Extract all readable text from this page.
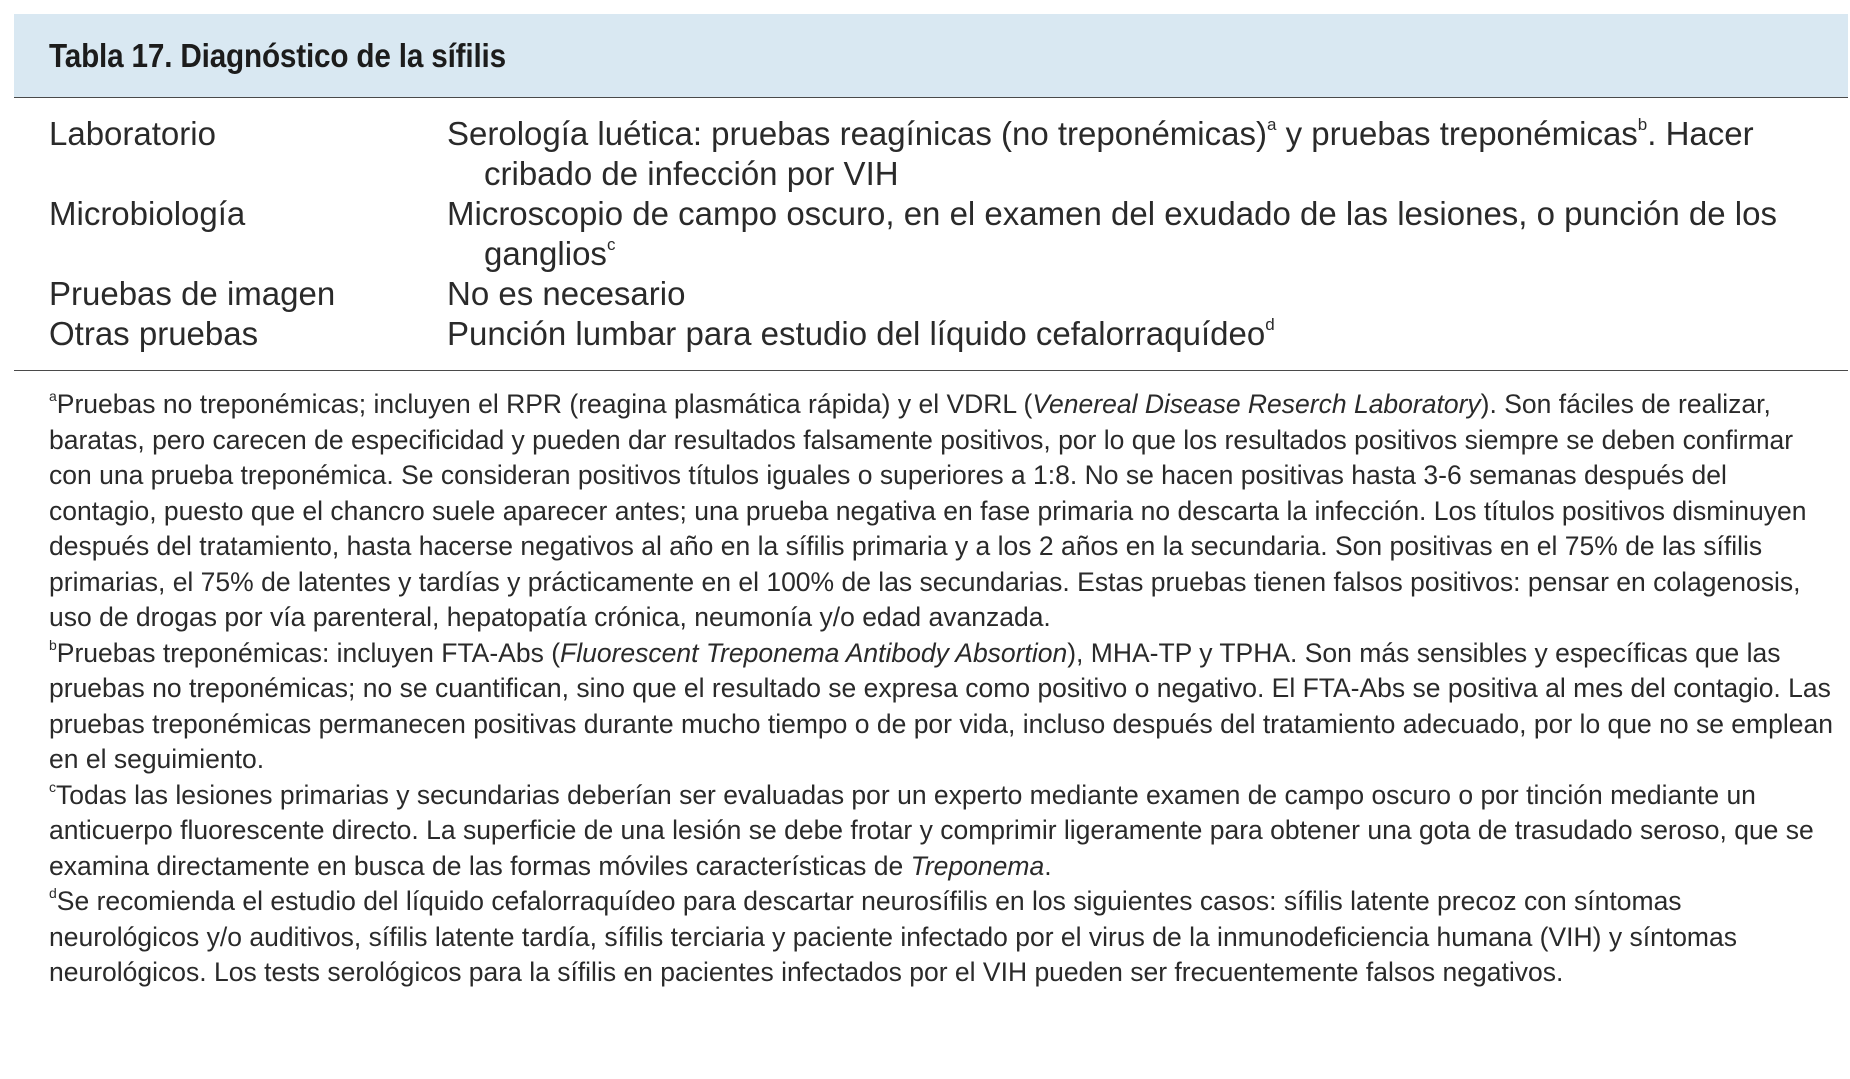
Tabla 17. Diagnóstico de la sífilis
Laboratorio	Serología luética: pruebas reagínicas (no treponémicas)$^a$ y pruebas treponémicas$^b$. Hacer cribado de infección por VIH
Microbiología	Microscopio de campo oscuro, en el examen del exudado de las lesiones, o punción de los ganglios$^c$
Pruebas de imagen	No es necesario
Otras pruebas	Punción lumbar para estudio del líquido cefalorraquídeo$^d$

$^a$Pruebas no treponémicas; incluyen el RPR (reagina plasmática rápida) y el VDRL (Venereal Disease Reserch Laboratory). Son fáciles de realizar, baratas, pero carecen de especificidad y pueden dar resultados falsamente positivos, por lo que los resultados positivos siempre se deben confirmar con una prueba treponémica. Se consideran positivos títulos iguales o superiores a 1:8. No se hacen positivas hasta 3-6 semanas después del contagio, puesto que el chancro suele aparecer antes; una prueba negativa en fase primaria no descarta la infección. Los títulos positivos disminuyen después del tratamiento, hasta hacerse negativos al año en la sífilis primaria y a los 2 años en la secundaria. Son positivas en el 75% de las sífilis primarias, el 75% de latentes y tardías y prácticamente en el 100% de las secundarias. Estas pruebas tienen falsos positivos: pensar en colagenosis, uso de drogas por vía parenteral, hepatopatía crónica, neumonía y/o edad avanzada.

$^b$Pruebas treponémicas: incluyen FTA-Abs (Fluorescent Treponema Antibody Absortion), MHA-TP y TPHA. Son más sensibles y específicas que las pruebas no treponémicas; no se cuantifican, sino que el resultado se expresa como positivo o negativo. El FTA-Abs se positiva al mes del contagio. Las pruebas treponémicas permanecen positivas durante mucho tiempo o de por vida, incluso después del tratamiento adecuado, por lo que no se emplean en el seguimiento.

$^c$Todas las lesiones primarias y secundarias deberían ser evaluadas por un experto mediante examen de campo oscuro o por tinción mediante un anticuerpo fluorescente directo. La superficie de una lesión se debe frotar y comprimir ligeramente para obtener una gota de trasudado seroso, que se examina directamente en busca de las formas móviles características de Treponema.

$^d$Se recomienda el estudio del líquido cefalorraquídeo para descartar neurosífilis en los siguientes casos: sífilis latente precoz con síntomas neurológicos y/o auditivos, sífilis latente tardía, sífilis terciaria y paciente infectado por el virus de la inmunodeficiencia humana (VIH) y síntomas neurológicos. Los tests serológicos para la sífilis en pacientes infectados por el VIH pueden ser frecuentemente falsos negativos.
